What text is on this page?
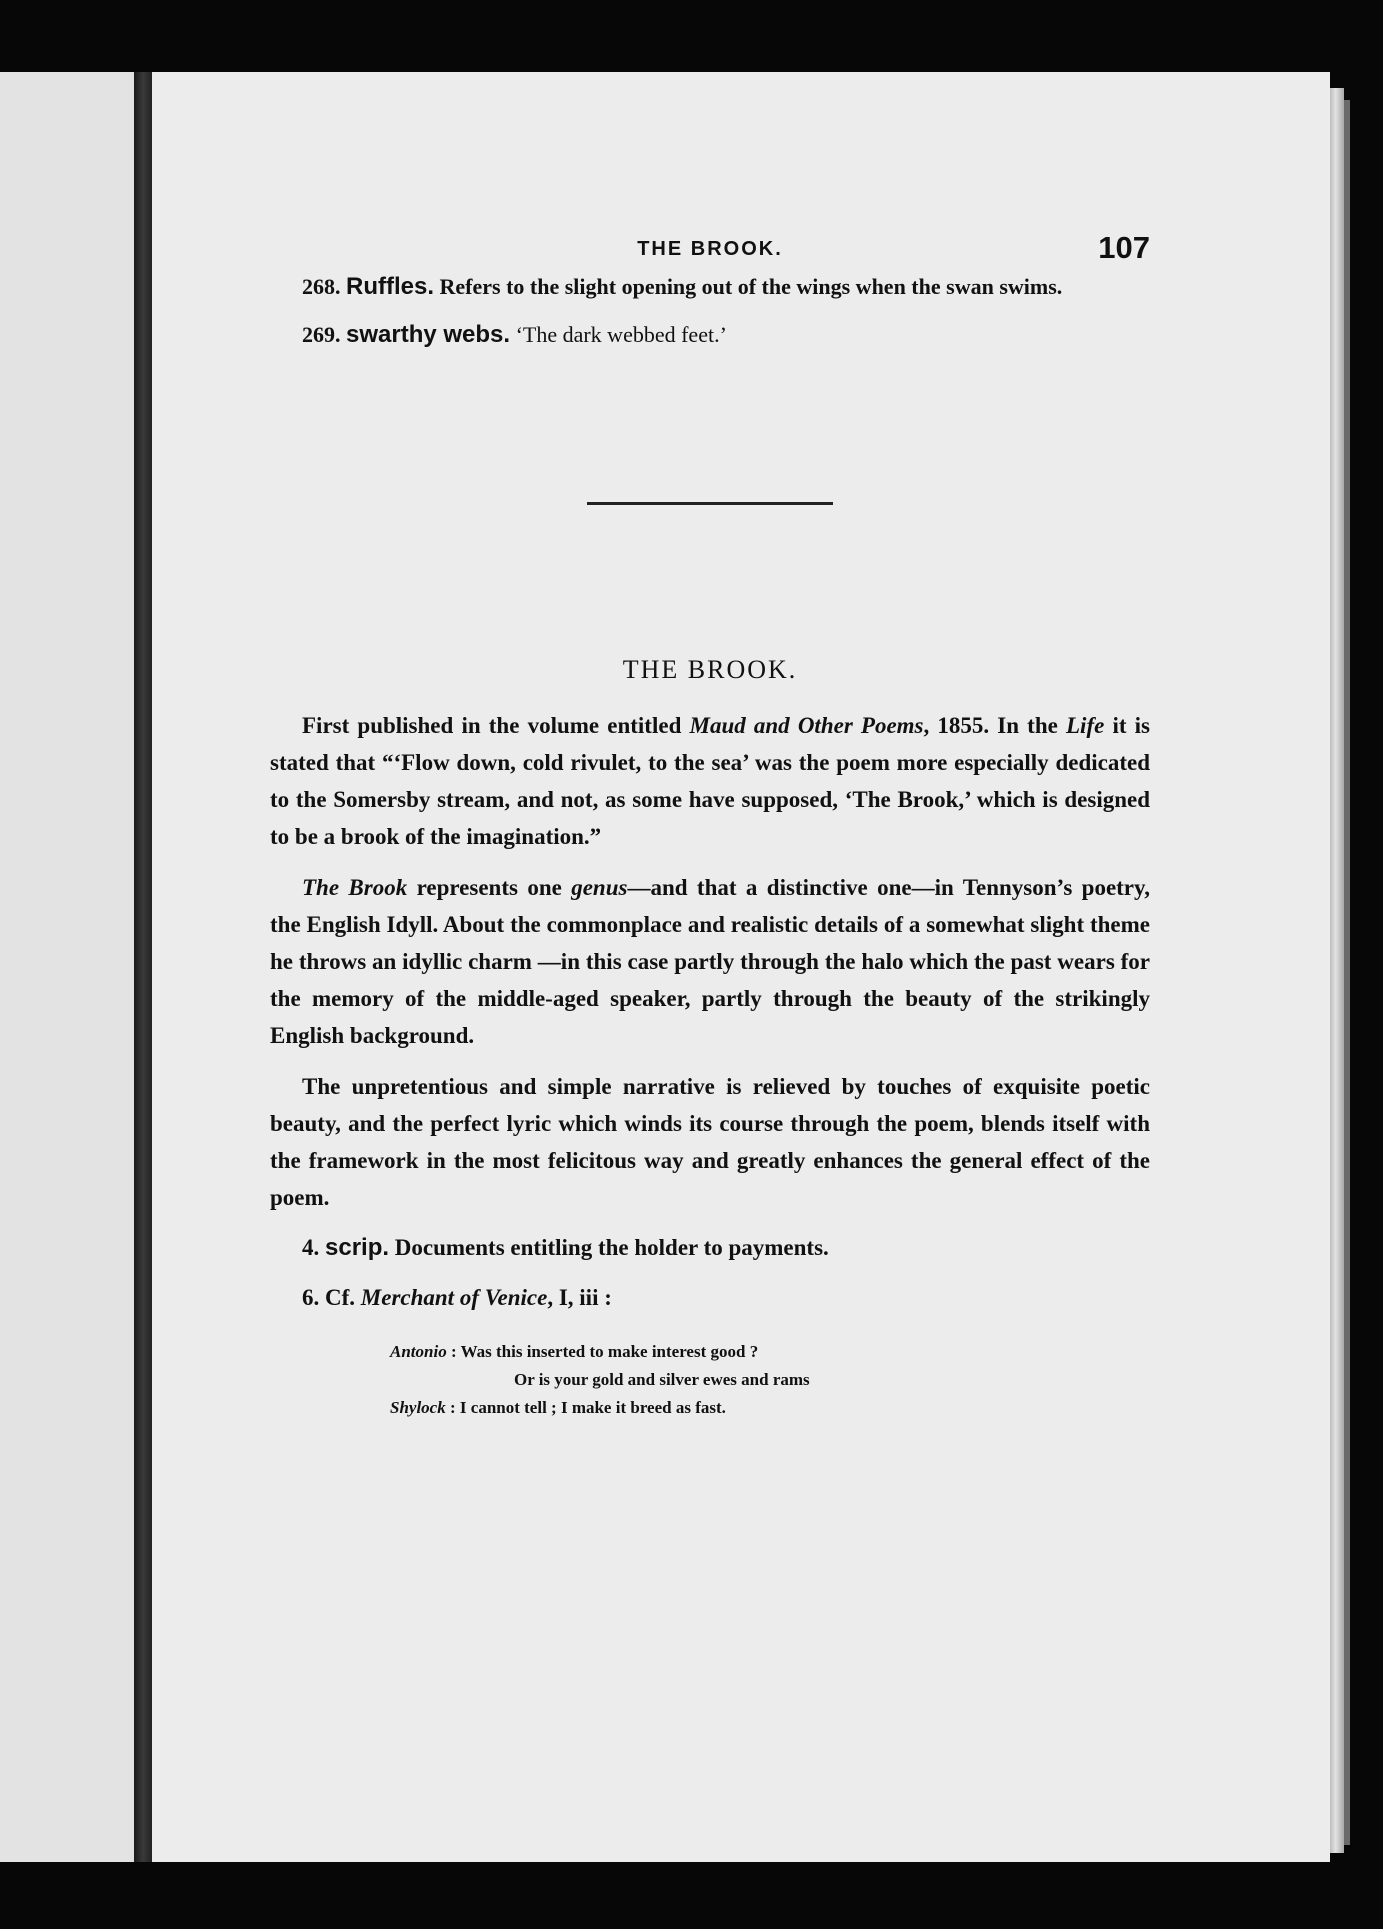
THE BROOK.	107

268. Ruffles. Refers to the slight opening out of the wings when the swan swims.

269. swarthy webs. ‘The dark webbed feet.’

THE BROOK.

First published in the volume entitled Maud and Other Poems, 1855. In the Life it is stated that “‘Flow down, cold rivulet, to the sea’ was the poem more especially dedicated to the Somersby stream, and not, as some have supposed, ‘The Brook,’ which is designed to be a brook of the imagination.”

The Brook represents one genus—and that a distinctive one—in Tennyson’s poetry, the English Idyll. About the commonplace and realistic details of a somewhat slight theme he throws an idyllic charm —in this case partly through the halo which the past wears for the memory of the middle-aged speaker, partly through the beauty of the strikingly English background.

The unpretentious and simple narrative is relieved by touches of exquisite poetic beauty, and the perfect lyric which winds its course through the poem, blends itself with the framework in the most felicitous way and greatly enhances the general effect of the poem.

4. scrip. Documents entitling the holder to payments.

6. Cf. Merchant of Venice, I, iii :

Antonio : Was this inserted to make interest good ?
Or is your gold and silver ewes and rams
Shylock : I cannot tell ; I make it breed as fast.
